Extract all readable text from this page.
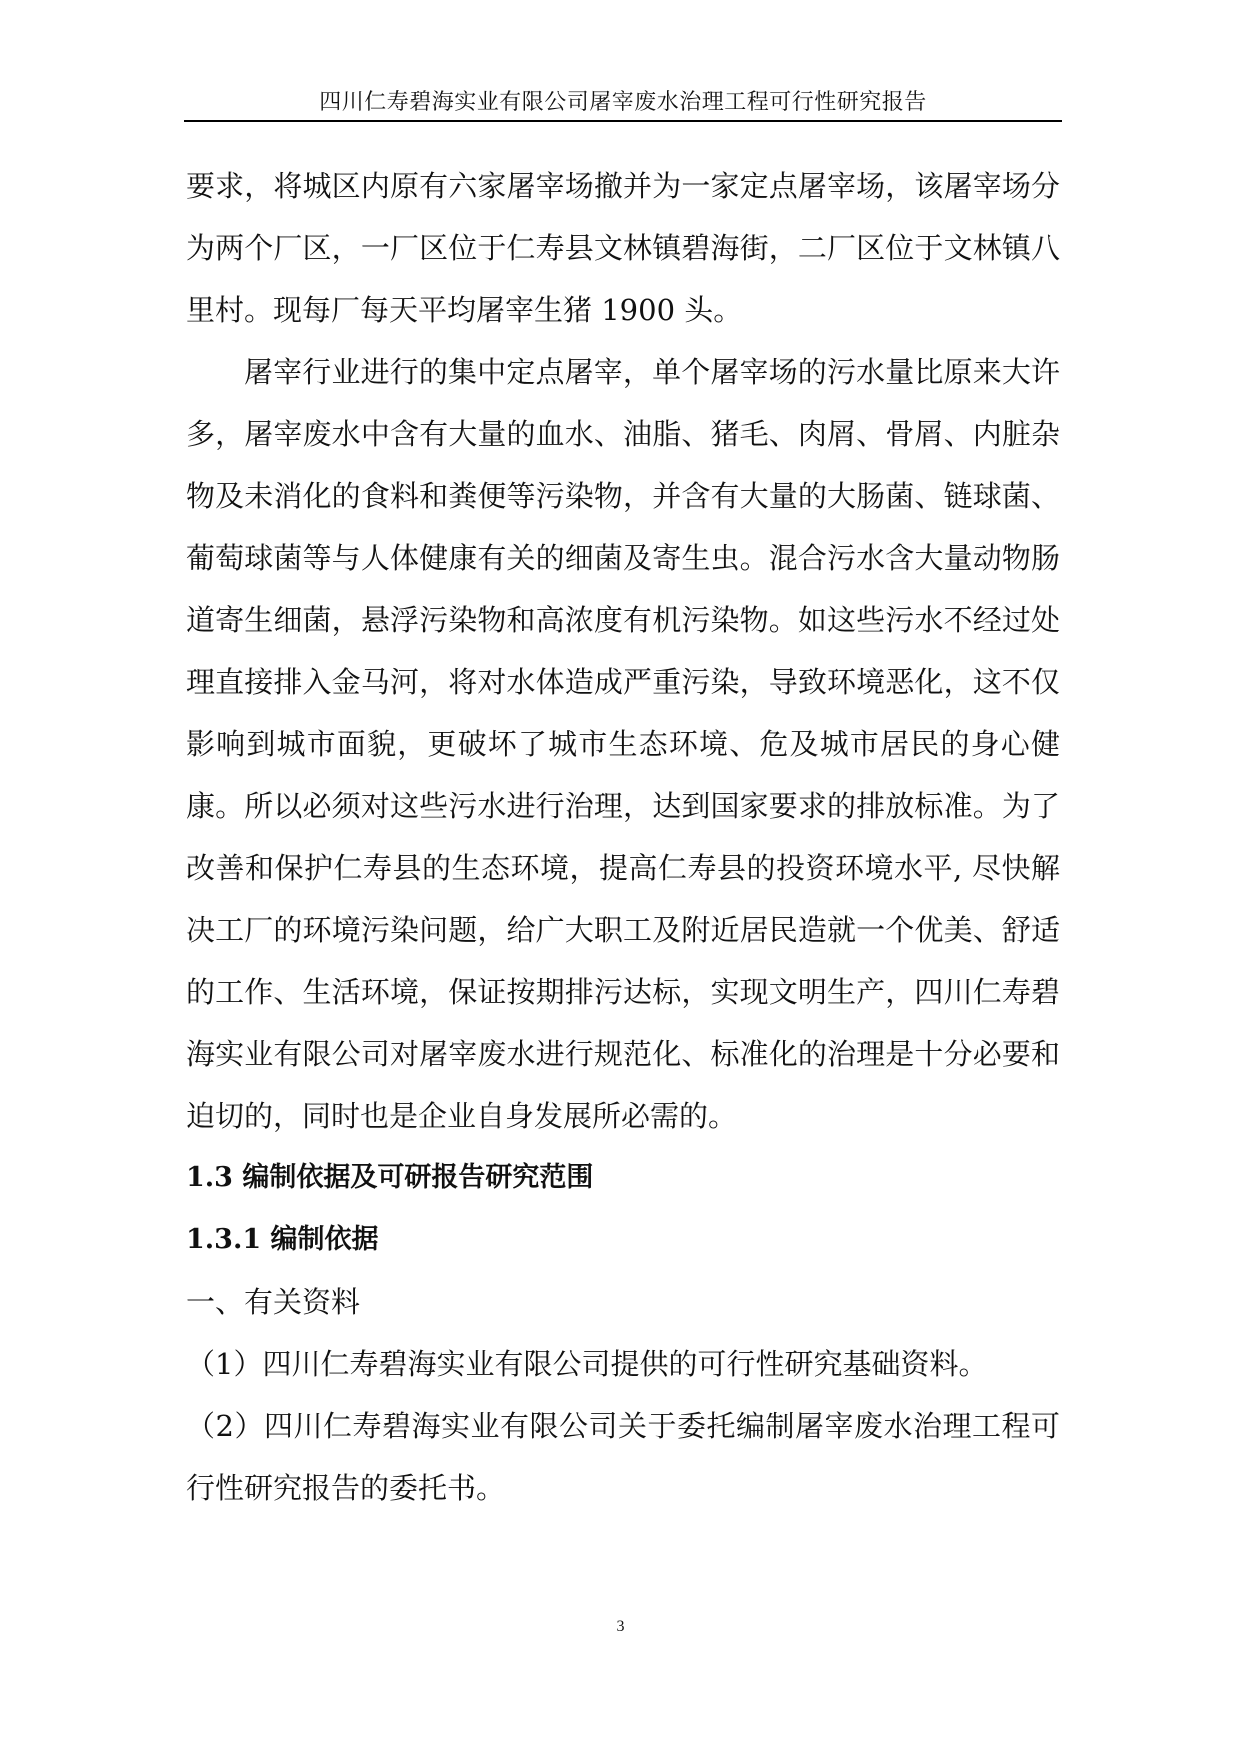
四川仁寿碧海实业有限公司屠宰废水治理工程可行性研究报告

要求，将城区内原有六家屠宰场撤并为一家定点屠宰场，该屠宰场分为两个厂区，一厂区位于仁寿县文林镇碧海街，二厂区位于文林镇八里村。现每厂每天平均屠宰生猪 1900 头。

屠宰行业进行的集中定点屠宰，单个屠宰场的污水量比原来大许多，屠宰废水中含有大量的血水、油脂、猪毛、肉屑、骨屑、内脏杂物及未消化的食料和粪便等污染物，并含有大量的大肠菌、链球菌、葡萄球菌等与人体健康有关的细菌及寄生虫。混合污水含大量动物肠道寄生细菌，悬浮污染物和高浓度有机污染物。如这些污水不经过处理直接排入金马河，将对水体造成严重污染，导致环境恶化，这不仅影响到城市面貌，更破坏了城市生态环境、危及城市居民的身心健康。所以必须对这些污水进行治理，达到国家要求的排放标准。为了改善和保护仁寿县的生态环境，提高仁寿县的投资环境水平, 尽快解决工厂的环境污染问题，给广大职工及附近居民造就一个优美、舒适的工作、生活环境，保证按期排污达标，实现文明生产，四川仁寿碧海实业有限公司对屠宰废水进行规范化、标准化的治理是十分必要和迫切的，同时也是企业自身发展所必需的。

1.3 编制依据及可研报告研究范围

1.3.1 编制依据

一、有关资料

（1）四川仁寿碧海实业有限公司提供的可行性研究基础资料。

（2）四川仁寿碧海实业有限公司关于委托编制屠宰废水治理工程可行性研究报告的委托书。

3
